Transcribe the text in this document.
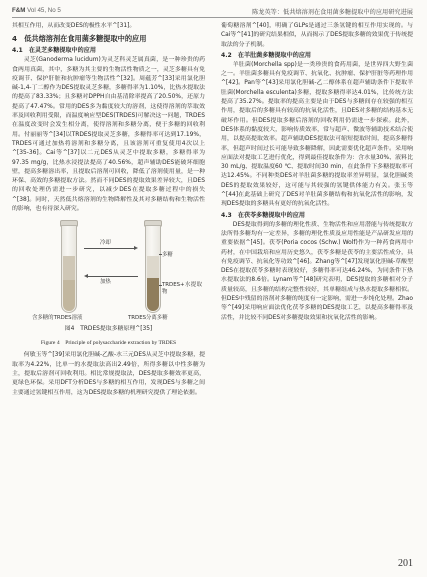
F&M Vol 45, No 5	陈龙英等：低共熔溶剂在食用菌多糖提取中的应用研究进展

其相互作用，从而改变DES的极性水平^[31]。

4　低共熔溶剂在食用菌多糖提取中的应用
4.1　在灵芝多糖提取中的应用

灵芝(Ganoderma lucidum)为灵芝科灵芝属真菌，是一种珍贵的药食两用真菌，其中，多糖为其主要的生物活性物质之一，灵芝多糖具有免疫调节、保护肝脏和抗肿瘤等生物活性^[32]。周蕴芳^[33]采用氯化胆碱-1,4-丁二醇作为DES提取灵芝多糖，多糖得率为1.10%，比热水提取法的提高了83.33%；且多糖对DPPH自由基清除率提高了20.50%，还原力提高了47.47%。常用的DES多为黏度较大的溶剂，这使得溶剂的萃取效率及回收利用受限，而温度响应型DES(TRDES)可解决这一问题，TRDES在温度改变时会发生相分离，使得溶剂和多糖分离，便于多糖的回收利用。付丽丽等^[34]以TRDES提取灵芝多糖，多糖得率可达到17.19%，TRDES可通过加热将溶剂和多糖分离，且该溶剂可重复使用4次以上^[35-36]。Cai等^[37]以二元DES从灵芝中提取多糖，多糖得率为97.35 mg/g，比热水浸提法提高了40.56%，超声辅助DES能破坏细胞壁，提高多糖溶出率，且提取后溶剂可回收，降低了溶剂使用量，是一种环保、高效的多糖提取方法。然而不同DES的提取效果差异较大，且DES的回收处理仍需进一步研究，以减少DES在提取多糖过程中的损失^[38]。同时，天然低共熔溶剂的生物降解性及其对多糖结构和生物活性的影响，也有待深入研究。

冷却
加热
多糖
TRDES+水提取物
含多糖的TRDES溶液	TRDES分离多糖
图4　TRDES提取多糖原理^[35]
Figure 4　Principle of polysaccharide extraction by TRDES

何敏玉等^[39]采用氯化胆碱-乙酸-水三元DES从灵芝中提取多糖，提取率为4.22%，比单一的水提取法高出2.49倍，所得多糖以中性多糖为主，提取后溶剂可回收利用。相比常规提取法，DES提取多糖效率更高，更绿色环保。采用DFT分析DES与多糖的相互作用，发现DES与多糖之间主要通过氢键相互作用，这为DES提取多糖的机理研究提供了理论依据。

葡萄糖溶剂^[40]，明确了GLPs是通过三条氢键的相互作用实现的。与Cai等^[41]的研究结果相似，从而揭示了DES提取多糖的效果优于传统提取法的分子机制。

4.2　在羊肚菌多糖提取中的应用

羊肚菌(Morchella spp)是一类珍贵的食药用菌，是世界四大野生菌之一。羊肚菌多糖具有免疫调节、抗氧化、抗肿瘤、保护肝脏等药理作用^[42]。Pan等^[43]采用氯化胆碱-乙二醇体系在超声辅助条件下提取羊肚菌(Morchella esculenta)多糖，提取多糖得率达4.01%，比传统方法提高了35.27%。提取率的提高主要是由于DES与多糖间存在较强的相互作用，提取后的多糖具有较高的抗氧化活性，且DES对多糖的结构基本无破坏作用。但DES提取多糖后溶剂的回收利用仍需进一步探索。此外，DES体系的黏度较大，影响传质效率，常与超声、微波等辅助技术结合使用，以提高提取效率。超声辅助DES提取法可缩短提取时间，提高多糖得率，但超声时间过长可能导致多糖降解，因此需要优化超声条件。采用响应面法对提取工艺进行优化，得到最佳提取条件为：含水量30%、液料比30 mL/g、提取温度60 ℃、提取时间30 min，在此条件下多糖提取率可达12.45%。不同种类DES对羊肚菌多糖的提取率差异明显，氯化胆碱类DES的提取效果较好，这可能与其较强的氢键供体能力有关。张玉等^[44]在此基础上研究了DES对羊肚菌多糖结构和抗氧化活性的影响，发现DES提取的多糖具有更好的抗氧化活性。

4.3　在茯苓多糖提取中的应用

DES提取得到的多糖的理化性质、生物活性和应用潜能与传统提取方法所得多糖均有一定差异，多糖的理化性质及应用性能是产品研发应用的重要依据^[45]。茯苓(Poria cocos (Schw.) Wolf)作为一种药食两用中药材，在中国栽培和应用历史悠久，茯苓多糖是茯苓的主要活性成分，具有免疫调节、抗氧化等功效^[46]。Zhang等^[47]发现氯化胆碱-草酸型DES在提取茯苓多糖时表现较好，多糖得率可达46.24%，为同条件下热水提取法的8.6倍。Lynam等^[48]研究表明，DES提取的多糖相对分子质量较高，且多糖的结构完整性较好，其单糖组成与热水提取多糖相似。但DES中残留的溶剂对多糖的纯度有一定影响，需进一步纯化处理。Zhao等^[49]采用响应面法优化茯苓多糖的DES提取工艺，以提高多糖得率及活性，并比较不同DES对多糖提取效果和抗氧化活性的影响。

201
